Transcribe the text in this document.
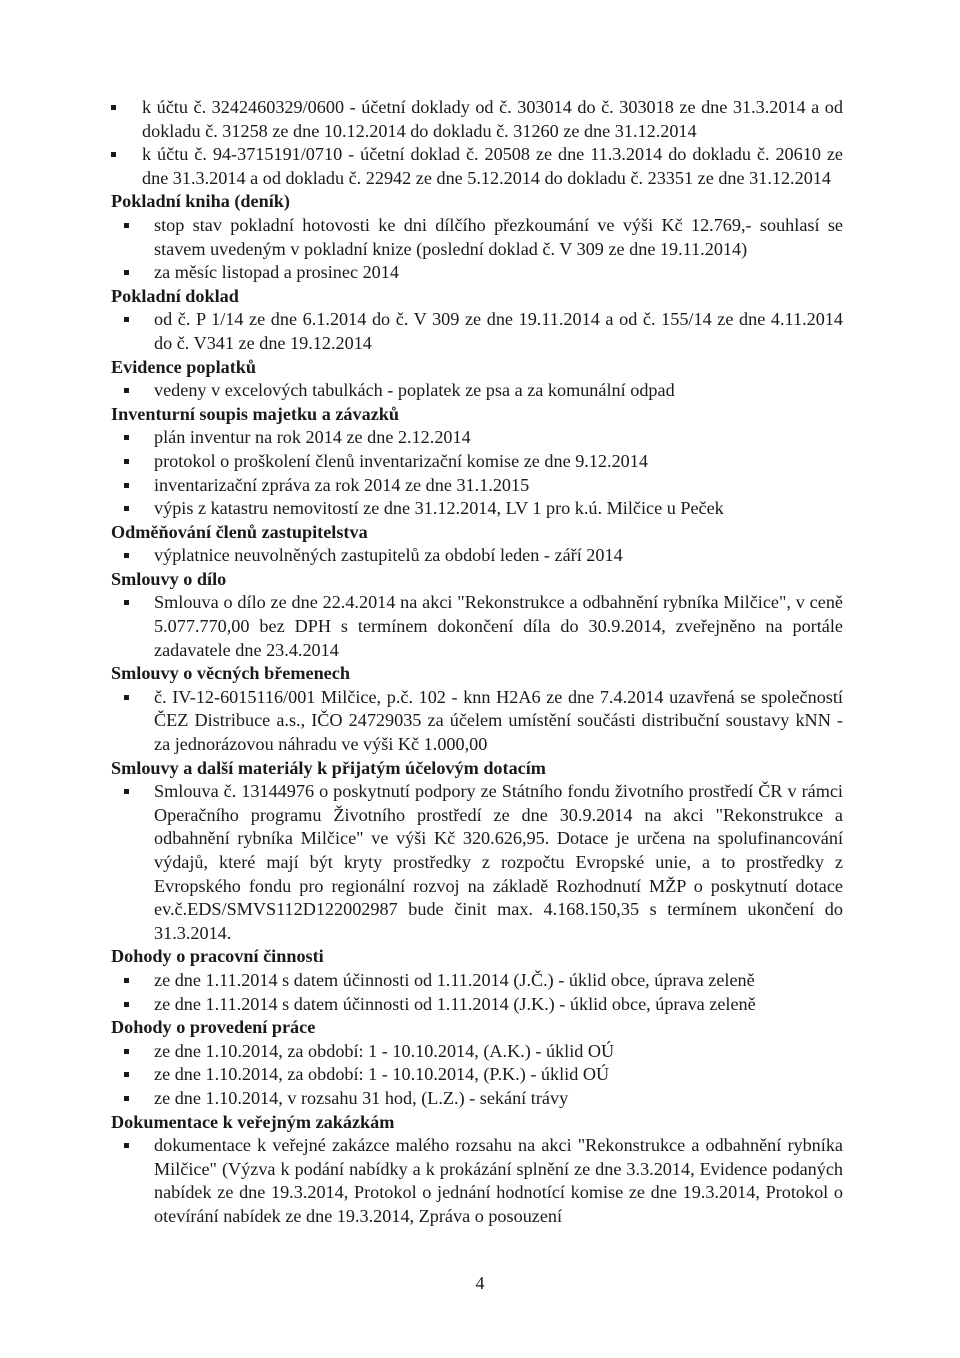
k účtu č. 3242460329/0600 - účetní doklady od č. 303014 do č. 303018 ze dne 31.3.2014 a od dokladu č. 31258 ze dne 10.12.2014 do dokladu č. 31260 ze dne 31.12.2014
k účtu č. 94-3715191/0710 - účetní doklad č. 20508 ze dne 11.3.2014 do dokladu č. 20610 ze dne 31.3.2014 a od dokladu č. 22942 ze dne 5.12.2014 do dokladu č. 23351 ze dne 31.12.2014
Pokladní kniha (deník)
stop stav pokladní hotovosti ke dni dílčího přezkoumání ve výši Kč 12.769,- souhlasí se stavem uvedeným v pokladní knize (poslední doklad č. V 309 ze dne 19.11.2014)
za měsíc listopad a prosinec 2014
Pokladní doklad
od č. P 1/14 ze dne 6.1.2014 do č. V 309 ze dne 19.11.2014 a od č. 155/14 ze dne 4.11.2014 do č. V341 ze dne 19.12.2014
Evidence poplatků
vedeny v excelových tabulkách - poplatek ze psa a za komunální odpad
Inventurní soupis majetku a závazků
plán inventur na rok 2014 ze dne 2.12.2014
protokol o proškolení členů inventarizační komise ze dne 9.12.2014
inventarizační zpráva za rok 2014 ze dne 31.1.2015
výpis z katastru nemovitostí ze dne 31.12.2014, LV 1 pro k.ú. Milčice u Peček
Odměňování členů zastupitelstva
výplatnice neuvolněných zastupitelů za období leden - září 2014
Smlouvy o dílo
Smlouva o dílo ze dne 22.4.2014 na akci "Rekonstrukce a odbahnění rybníka Milčice", v ceně 5.077.770,00 bez DPH s termínem dokončení díla do 30.9.2014, zveřejněno na portále zadavatele dne 23.4.2014
Smlouvy o věcných břemenech
č. IV-12-6015116/001 Milčice, p.č. 102 - knn H2A6 ze dne 7.4.2014 uzavřená se společností ČEZ Distribuce a.s., IČO 24729035 za účelem umístění součásti distribuční soustavy kNN - za jednorázovou náhradu ve výši Kč 1.000,00
Smlouvy a další materiály k přijatým účelovým dotacím
Smlouva č. 13144976 o poskytnutí podpory ze Státního fondu životního prostředí ČR v rámci Operačního programu Životního prostředí ze dne 30.9.2014 na akci "Rekonstrukce a odbahnění rybníka Milčice" ve výši Kč 320.626,95. Dotace je určena na spolufinancování výdajů, které mají být kryty prostředky z rozpočtu Evropské unie, a to prostředky z Evropského fondu pro regionální rozvoj na základě Rozhodnutí MŽP o poskytnutí dotace ev.č.EDS/SMVS112D122002987 bude činit max. 4.168.150,35 s termínem ukončení do 31.3.2014.
Dohody o pracovní činnosti
ze dne 1.11.2014 s datem účinnosti od 1.11.2014 (J.Č.) - úklid obce, úprava zeleně
ze dne 1.11.2014 s datem účinnosti od 1.11.2014 (J.K.) - úklid obce, úprava zeleně
Dohody o provedení práce
ze dne 1.10.2014, za období: 1 - 10.10.2014, (A.K.) - úklid OÚ
ze dne 1.10.2014, za období: 1 - 10.10.2014, (P.K.) - úklid OÚ
ze dne 1.10.2014, v rozsahu 31 hod, (L.Z.) - sekání trávy
Dokumentace k veřejným zakázkám
dokumentace k veřejné zakázce malého rozsahu na akci "Rekonstrukce a odbahnění rybníka Milčice" (Výzva k podání nabídky a k prokázání splnění ze dne 3.3.2014, Evidence podaných nabídek ze dne 19.3.2014, Protokol o jednání hodnotící komise ze dne 19.3.2014, Protokol o otevírání nabídek ze dne 19.3.2014, Zpráva o posouzení
4
